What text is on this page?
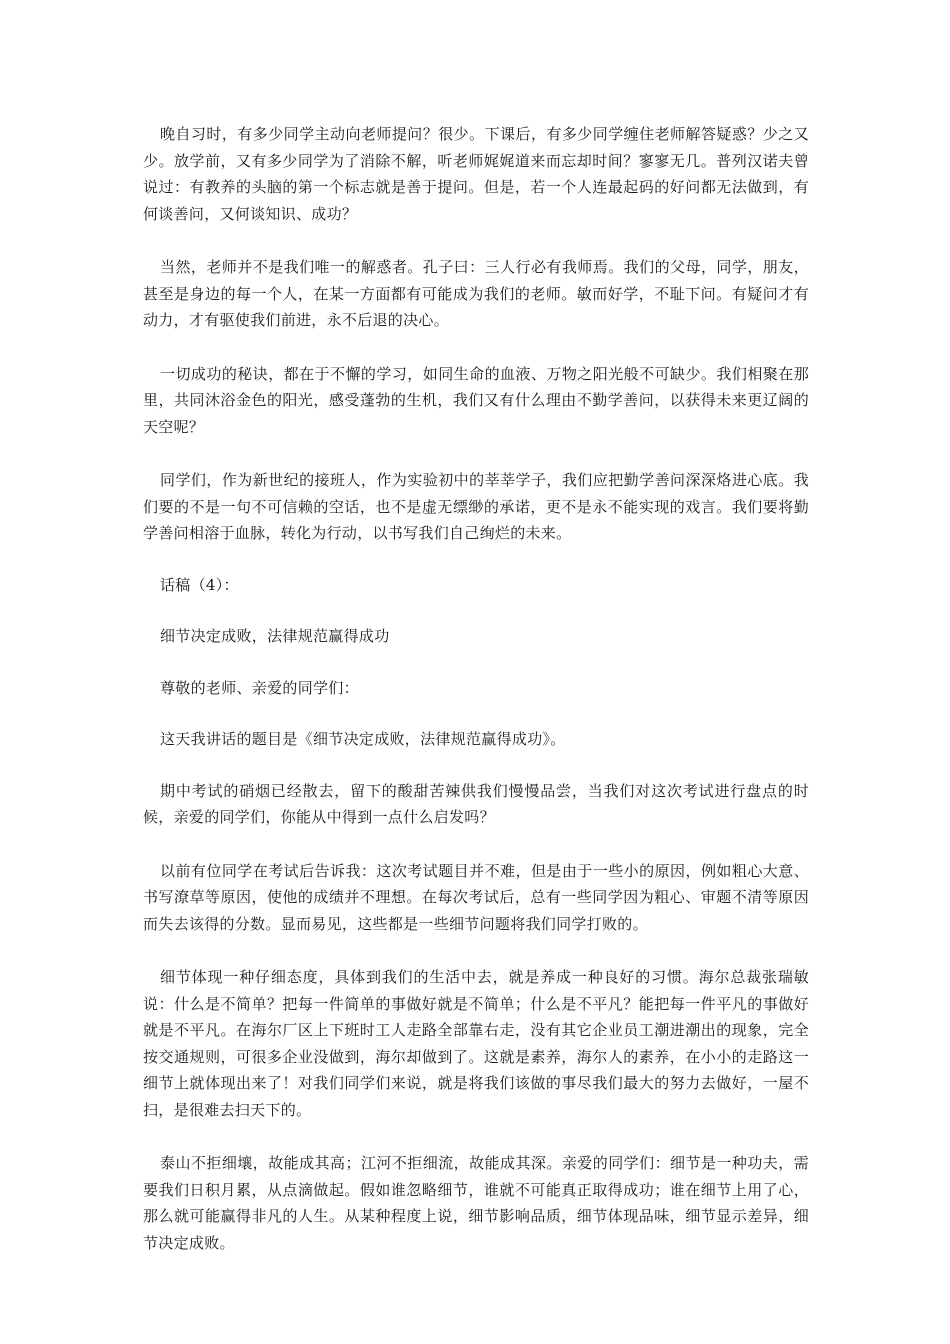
晚自习时，有多少同学主动向老师提问？很少。下课后，有多少同学缠住老师解答疑惑？少之又少。放学前，又有多少同学为了消除不解，听老师娓娓道来而忘却时间？寥寥无几。普列汉诺夫曾说过：有教养的头脑的第一个标志就是善于提问。但是，若一个人连最起码的好问都无法做到，有何谈善问，又何谈知识、成功？

当然，老师并不是我们唯一的解惑者。孔子曰：三人行必有我师焉。我们的父母，同学，朋友，甚至是身边的每一个人，在某一方面都有可能成为我们的老师。敏而好学，不耻下问。有疑问才有动力，才有驱使我们前进，永不后退的决心。

一切成功的秘诀，都在于不懈的学习，如同生命的血液、万物之阳光般不可缺少。我们相聚在那里，共同沐浴金色的阳光，感受蓬勃的生机，我们又有什么理由不勤学善问，以获得未来更辽阔的天空呢？

同学们，作为新世纪的接班人，作为实验初中的莘莘学子，我们应把勤学善问深深烙进心底。我们要的不是一句不可信赖的空话，也不是虚无缥缈的承诺，更不是永不能实现的戏言。我们要将勤学善问相溶于血脉，转化为行动，以书写我们自己绚烂的未来。

话稿（4）：

细节决定成败，法律规范赢得成功

尊敬的老师、亲爱的同学们：

这天我讲话的题目是《细节决定成败，法律规范赢得成功》。

期中考试的硝烟已经散去，留下的酸甜苦辣供我们慢慢品尝，当我们对这次考试进行盘点的时候，亲爱的同学们，你能从中得到一点什么启发吗？

以前有位同学在考试后告诉我：这次考试题目并不难，但是由于一些小的原因，例如粗心大意、书写潦草等原因，使他的成绩并不理想。在每次考试后，总有一些同学因为粗心、审题不清等原因而失去该得的分数。显而易见，这些都是一些细节问题将我们同学打败的。

细节体现一种仔细态度，具体到我们的生活中去，就是养成一种良好的习惯。海尔总裁张瑞敏说：什么是不简单？把每一件简单的事做好就是不简单；什么是不平凡？能把每一件平凡的事做好就是不平凡。在海尔厂区上下班时工人走路全部靠右走，没有其它企业员工潮进潮出的现象，完全按交通规则，可很多企业没做到，海尔却做到了。这就是素养，海尔人的素养，在小小的走路这一细节上就体现出来了！对我们同学们来说，就是将我们该做的事尽我们最大的努力去做好，一屋不扫，是很难去扫天下的。

泰山不拒细壤，故能成其高；江河不拒细流，故能成其深。亲爱的同学们：细节是一种功夫，需要我们日积月累，从点滴做起。假如谁忽略细节，谁就不可能真正取得成功；谁在细节上用了心，那么就可能赢得非凡的人生。从某种程度上说，细节影响品质，细节体现品味，细节显示差异，细节决定成败。
